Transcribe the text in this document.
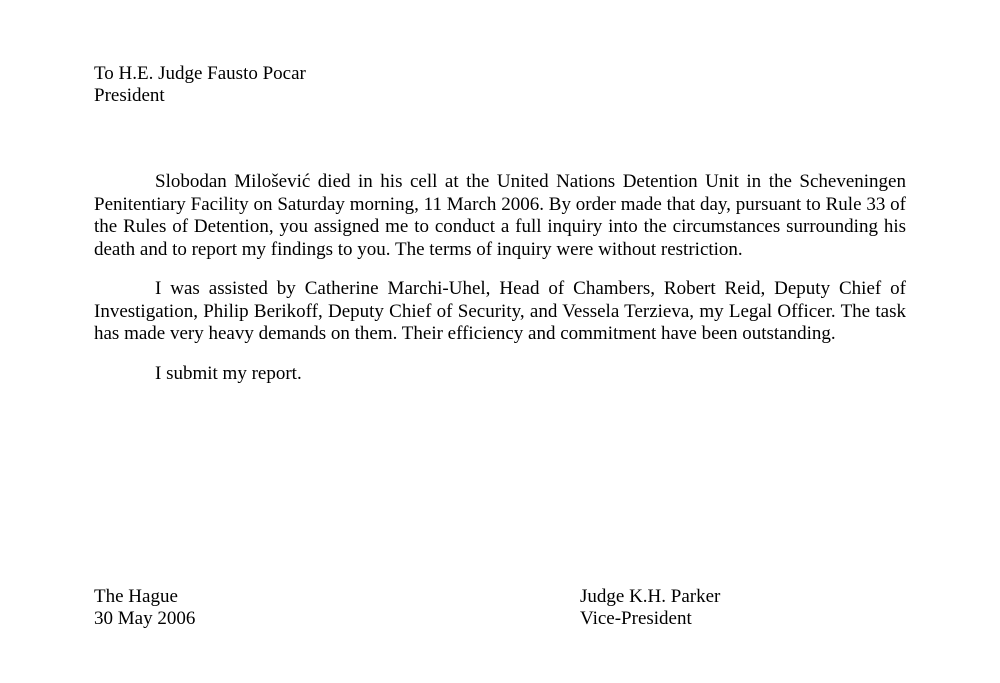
To H.E. Judge Fausto Pocar
President

Slobodan Milošević died in his cell at the United Nations Detention Unit in the Scheveningen Penitentiary Facility on Saturday morning, 11 March 2006. By order made that day, pursuant to Rule 33 of the Rules of Detention, you assigned me to conduct a full inquiry into the circumstances surrounding his death and to report my findings to you. The terms of inquiry were without restriction.

I was assisted by Catherine Marchi-Uhel, Head of Chambers, Robert Reid, Deputy Chief of Investigation, Philip Berikoff, Deputy Chief of Security, and Vessela Terzieva, my Legal Officer. The task has made very heavy demands on them. Their efficiency and commitment have been outstanding.

I submit my report.

The Hague
30 May 2006
Judge K.H. Parker
Vice-President
